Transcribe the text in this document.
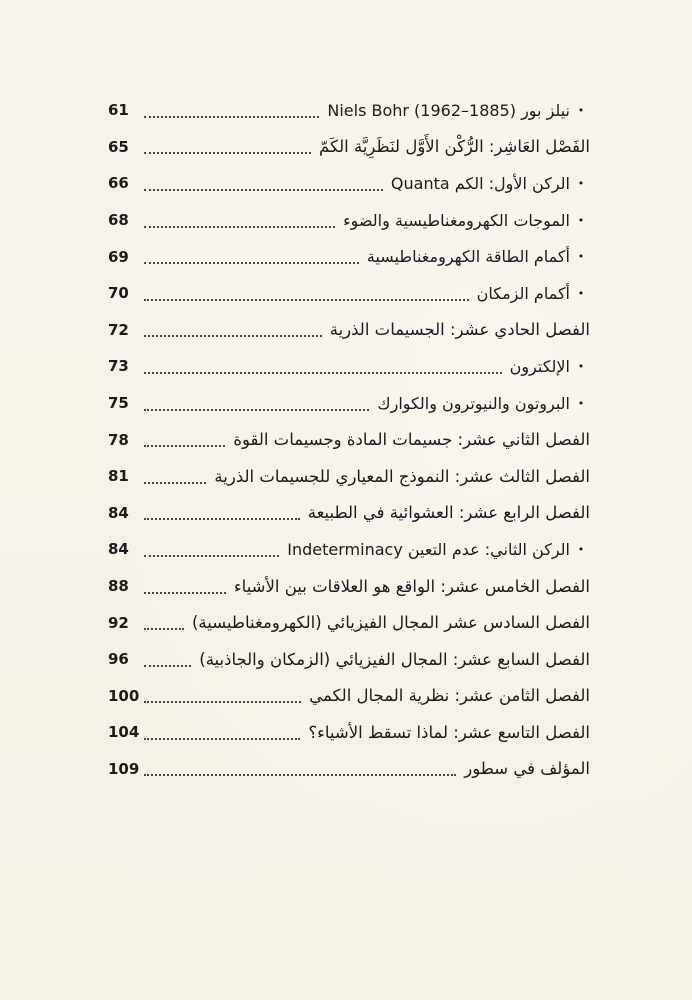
61	نيلز بور (1885–1962) Niels Bohr •
65	الفَصْل العَاشِر: الرُّكْن الأَوَّل لنَظَرِيَّة الكَمّ
66	الركن الأول: الكم Quanta •
68	الموجات الكهرومغناطيسية والضوء •
69	أكمام الطاقة الكهرومغناطيسية •
70	أكمام الزمكان •
72	الفصل الحادي عشر: الجسيمات الذرية
73	الإلكترون •
75	البروتون والنيوترون والكوارك •
78	الفصل الثاني عشر: جسيمات المادة وجسيمات القوة
81	الفصل الثالث عشر: النموذج المعياري للجسيمات الذرية
84	الفصل الرابع عشر: العشوائية في الطبيعة
84	الركن الثاني: عدم التعين Indeterminacy •
88	الفصل الخامس عشر: الواقع هو العلاقات بين الأشياء
92	الفصل السادس عشر المجال الفيزيائي (الكهرومغناطيسية)
96	الفصل السابع عشر: المجال الفيزيائي (الزمكان والجاذبية)
100	الفصل الثامن عشر: نظرية المجال الكمي
104	الفصل التاسع عشر: لماذا تسقط الأشياء؟
109	المؤلف في سطور
